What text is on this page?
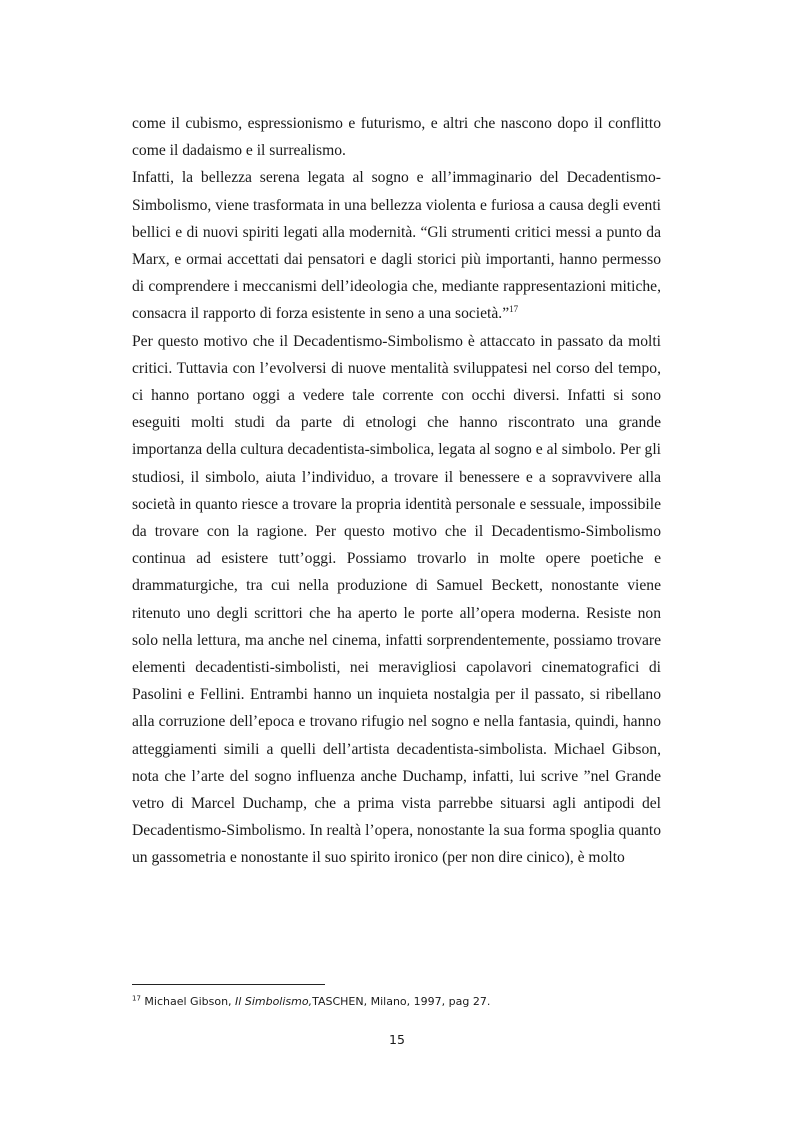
come il cubismo, espressionismo e futurismo, e altri che nascono dopo il conflitto come il dadaismo e il surrealismo.

Infatti, la bellezza serena legata al sogno e all’immaginario del Decadentismo-Simbolismo, viene trasformata in una bellezza violenta e furiosa a causa degli eventi bellici e di nuovi spiriti legati alla modernità. “Gli strumenti critici messi a punto da Marx, e ormai accettati dai pensatori e dagli storici più importanti, hanno permesso di comprendere i meccanismi dell’ideologia che, mediante rappresentazioni mitiche, consacra il rapporto di forza esistente in seno a una società.”$^{17}$

Per questo motivo che il Decadentismo-Simbolismo è attaccato in passato da molti critici. Tuttavia con l’evolversi di nuove mentalità sviluppatesi nel corso del tempo, ci hanno portano oggi a vedere tale corrente con occhi diversi. Infatti si sono eseguiti molti studi da parte di etnologi che hanno riscontrato una grande importanza della cultura decadentista-simbolica, legata al sogno e al simbolo. Per gli studiosi, il simbolo, aiuta l’individuo, a trovare il benessere e a sopravvivere alla società in quanto riesce a trovare la propria identità personale e sessuale, impossibile da trovare con la ragione. Per questo motivo che il Decadentismo-Simbolismo continua ad esistere tutt’oggi. Possiamo trovarlo in molte opere poetiche e drammaturgiche, tra cui nella produzione di Samuel Beckett, nonostante viene ritenuto uno degli scrittori che ha aperto le porte all’opera moderna. Resiste non solo nella lettura, ma anche nel cinema, infatti sorprendentemente, possiamo trovare elementi decadentisti-simbolisti, nei meravigliosi capolavori cinematografici di Pasolini e Fellini. Entrambi hanno un inquieta nostalgia per il passato, si ribellano alla corruzione dell’epoca e trovano rifugio nel sogno e nella fantasia, quindi, hanno atteggiamenti simili a quelli dell’artista decadentista-simbolista. Michael Gibson, nota che l’arte del sogno influenza anche Duchamp, infatti, lui scrive ”nel Grande vetro di Marcel Duchamp, che a prima vista parrebbe situarsi agli antipodi del Decadentismo-Simbolismo. In realtà l’opera, nonostante la sua forma spoglia quanto un gassometria e nonostante il suo spirito ironico (per non dire cinico), è molto

$^{17}$ Michael Gibson, Il Simbolismo,TASCHEN, Milano, 1997, pag 27.
15
